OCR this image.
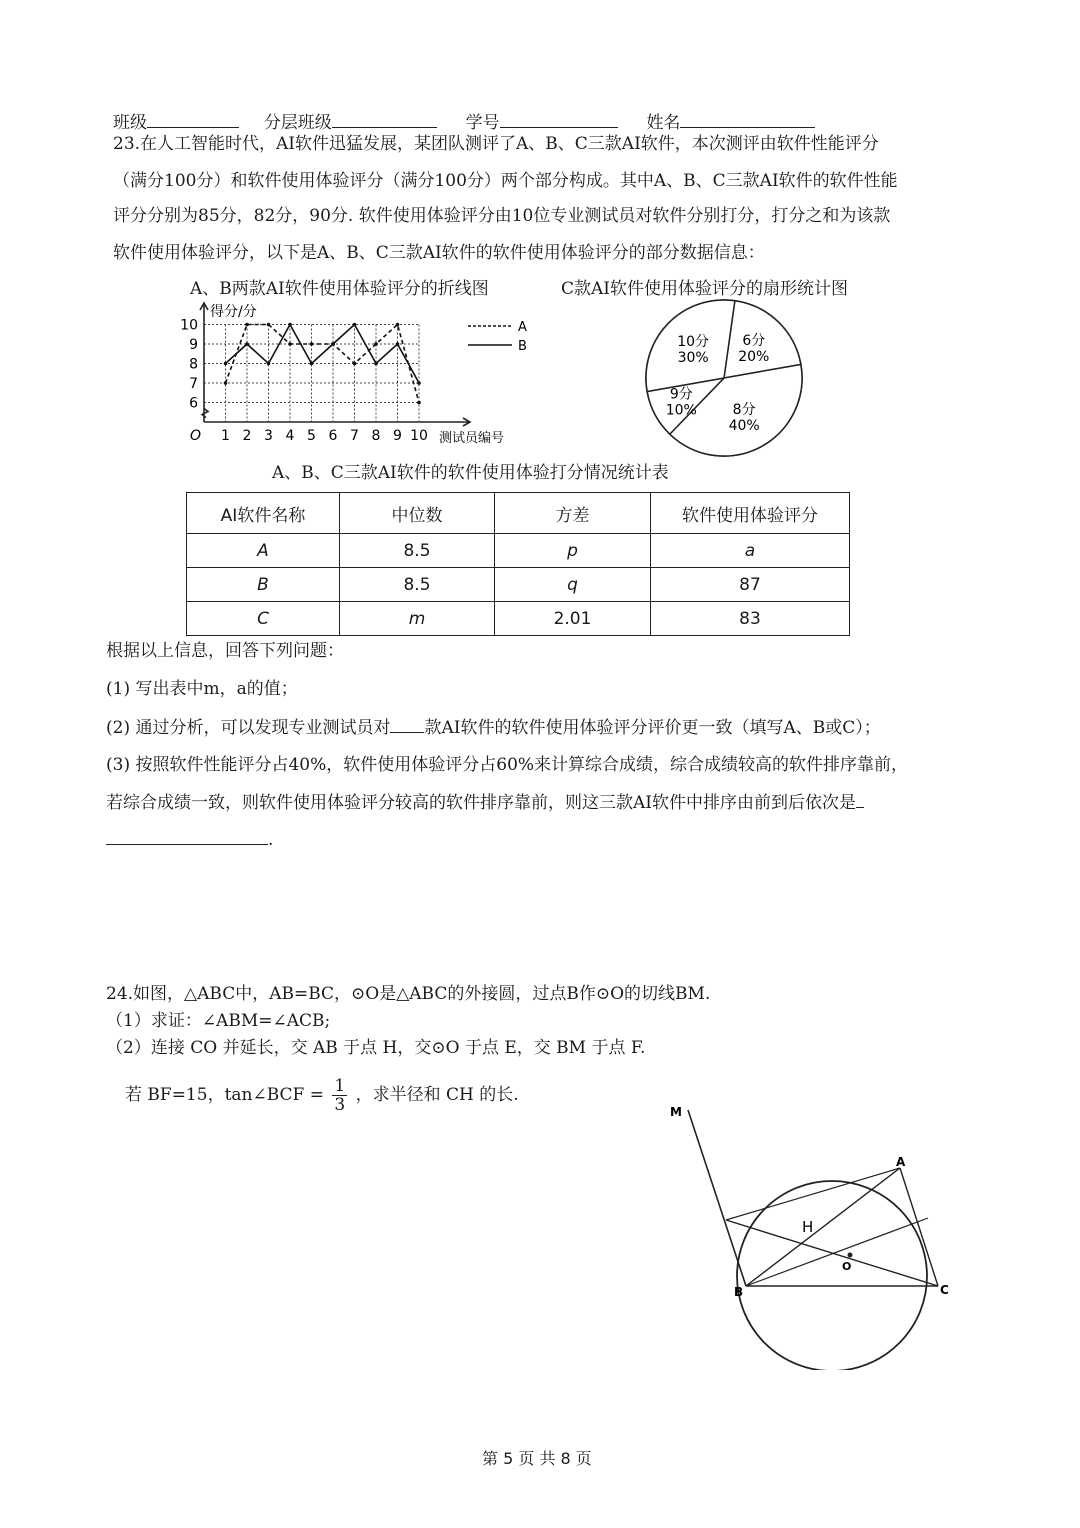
班级	分层班级	学号	姓名
23.在人工智能时代，AI软件迅猛发展，某团队测评了A、B、C三款AI软件，本次测评由软件性能评分
（满分100分）和软件使用体验评分（满分100分）两个部分构成。其中A、B、C三款AI软件的软件性能
评分分别为85分，82分，90分. 软件使用体验评分由10位专业测试员对软件分别打分，打分之和为该款
软件使用体验评分，以下是A、B、C三款AI软件的软件使用体验评分的部分数据信息：
A、B两款AI软件使用体验评分的折线图	C款AI软件使用体验评分的扇形统计图
1 2 3 4 5 6 7 8 9 10
6
7
8
9
10
O
得分/分
测试员编号
A
B	6分
20%
8分
40%
9分
10%
10分
30%
A、B、C三款AI软件的软件使用体验打分情况统计表
AI软件名称	中位数	方差	软件使用体验评分
A	8.5	p	a
B	8.5	q	87
C	m	2.01	83
根据以上信息，回答下列问题：
(1) 写出表中m，a的值；
(2) 通过分析，可以发现专业测试员对 款AI软件的软件使用体验评分评价更一致（填写A、B或C）；
(3) 按照软件性能评分占40%，软件使用体验评分占60%来计算综合成绩，综合成绩较高的软件排序靠前，
若综合成绩一致，则软件使用体验评分较高的软件排序靠前，则这三款AI软件中排序由前到后依次是
.
24.如图，△ABC中，AB=BC，⊙O是△ABC的外接圆，过点B作⊙O的切线BM.
（1）求证：∠ABM=∠ACB;
（2）连接 CO 并延长，交 AB 于点 H，交⊙O 于点 E，交 BM 于点 F.
若 BF=15，tan∠BCF = $\frac{1}{3}$ ，求半径和 CH 的长.
M
A
H
O
B	C
第 5 页 共 8 页
